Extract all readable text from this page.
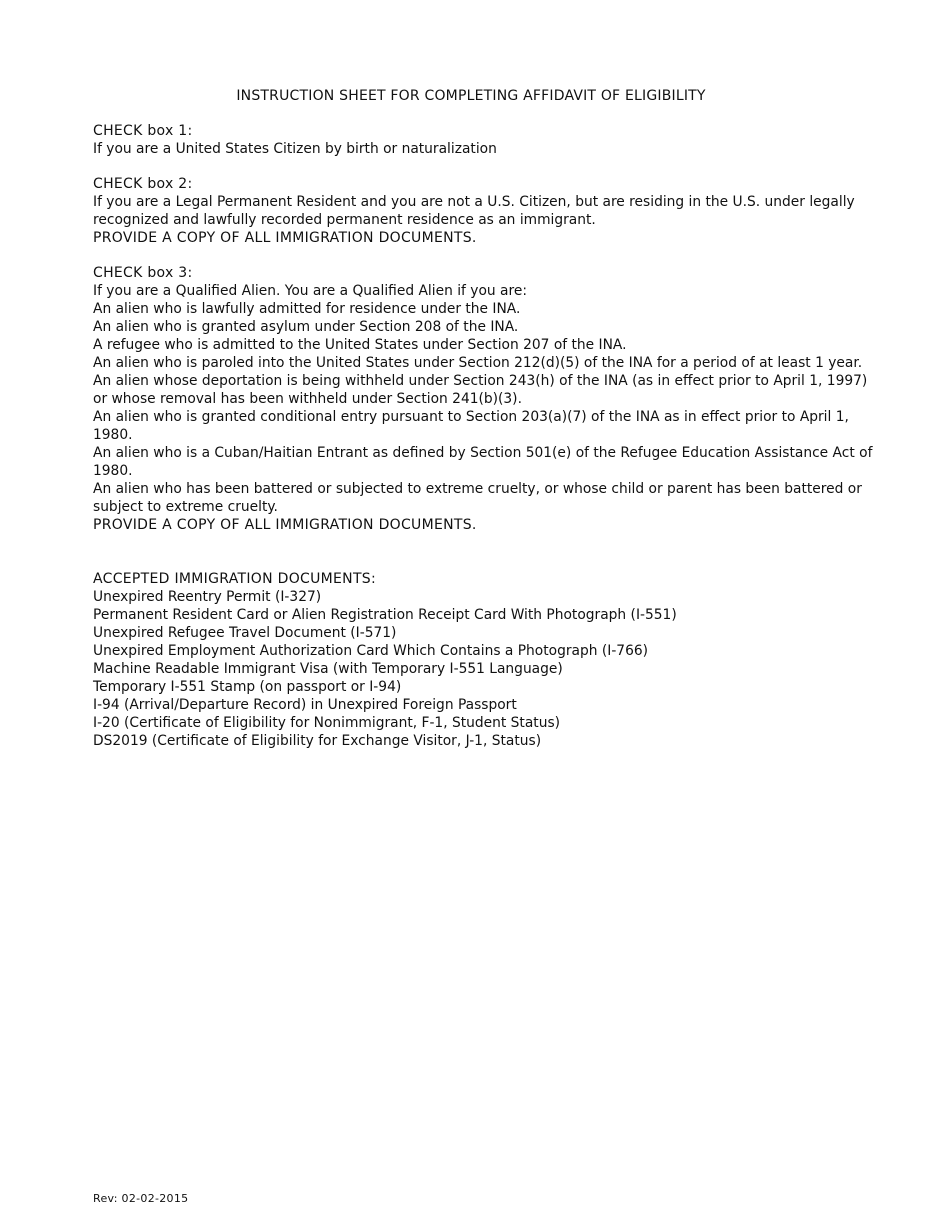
INSTRUCTION SHEET FOR COMPLETING AFFIDAVIT OF ELIGIBILITY

CHECK box 1:

If you are a United States Citizen by birth or naturalization

CHECK box 2:

If you are a Legal Permanent Resident and you are not a U.S. Citizen, but are residing in the U.S. under legally recognized and lawfully recorded permanent residence as an immigrant.

PROVIDE A COPY OF ALL IMMIGRATION DOCUMENTS.

CHECK box 3:

If you are a Qualified Alien. You are a Qualified Alien if you are:

An alien who is lawfully admitted for residence under the INA.

An alien who is granted asylum under Section 208 of the INA.

A refugee who is admitted to the United States under Section 207 of the INA.

An alien who is paroled into the United States under Section 212(d)(5) of the INA for a period of at least 1 year.

An alien whose deportation is being withheld under Section 243(h) of the INA (as in effect prior to April 1, 1997) or whose removal has been withheld under Section 241(b)(3).

An alien who is granted conditional entry pursuant to Section 203(a)(7) of the INA as in effect prior to April 1, 1980.

An alien who is a Cuban/Haitian Entrant as defined by Section 501(e) of the Refugee Education Assistance Act of 1980.

An alien who has been battered or subjected to extreme cruelty, or whose child or parent has been battered or subject to extreme cruelty.

PROVIDE A COPY OF ALL IMMIGRATION DOCUMENTS.

ACCEPTED IMMIGRATION DOCUMENTS:

Unexpired Reentry Permit (I-327)

Permanent Resident Card or Alien Registration Receipt Card With Photograph (I-551)

Unexpired Refugee Travel Document (I-571)

Unexpired Employment Authorization Card Which Contains a Photograph (I-766)

Machine Readable Immigrant Visa (with Temporary I-551 Language)

Temporary I-551 Stamp (on passport or I-94)

I-94 (Arrival/Departure Record) in Unexpired Foreign Passport

I-20 (Certificate of Eligibility for Nonimmigrant, F-1, Student Status)

DS2019 (Certificate of Eligibility for Exchange Visitor, J-1, Status)

Rev: 02-02-2015
